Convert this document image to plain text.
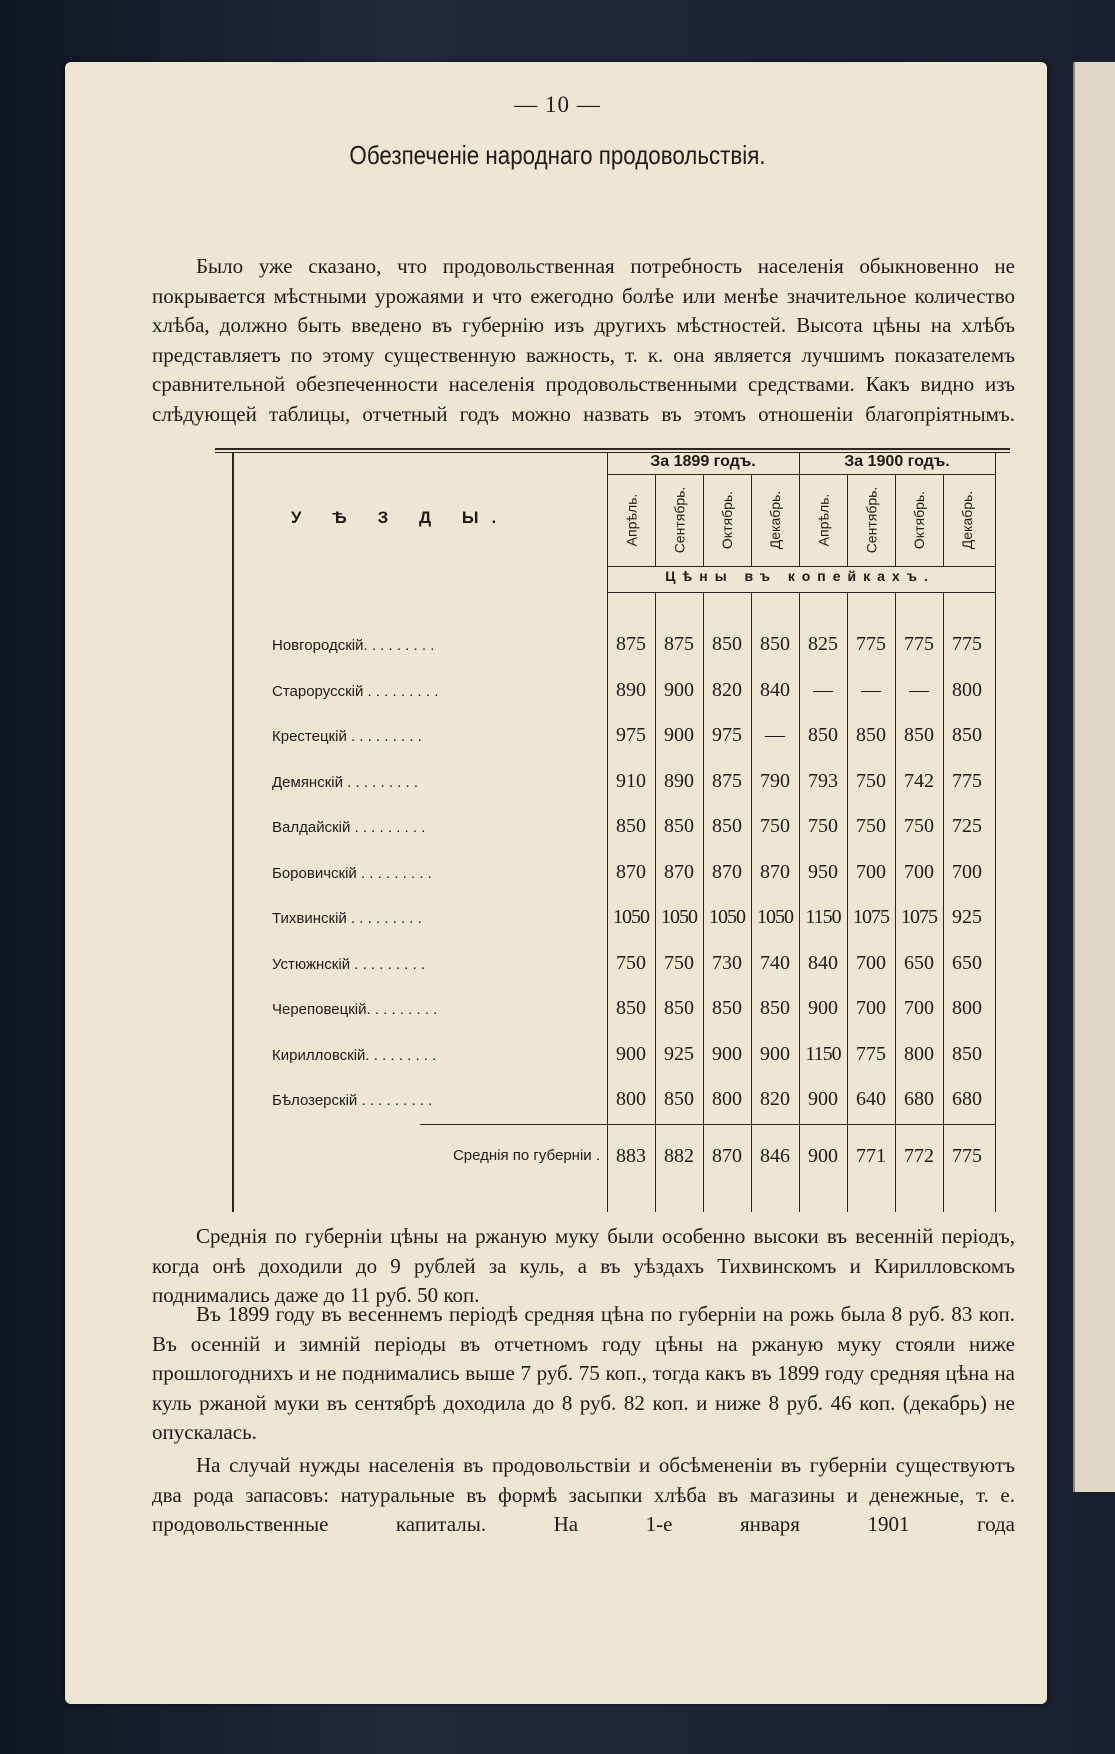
— 10 —
Обезпеченіе народнаго продовольствія.

Было уже сказано, что продовольственная потребность населенія обыкновенно не покрывается мѣстными урожаями и что ежегодно болѣе или менѣе значительное количество хлѣба, должно быть введено въ губернію изъ другихъ мѣстностей. Высота цѣны на хлѣбъ представляетъ по этому существенную важность, т. к. она является лучшимъ показателемъ сравнительной обезпеченности населенія продовольственными средствами. Какъ видно изъ слѣдующей таблицы, отчетный годъ можно назвать въ этомъ отношеніи благопріятнымъ.

У Ѣ З Д Ы.
За 1899 годъ.	За 1900 годъ.
Апрѣль. Сентябрь. Октябрь. Декабрь. Апрѣль. Сентябрь. Октябрь. Декабрь.
Цѣны въ копейкахъ.
Новгородскій. . . . . . . . .	875 875 850 850 825 775 775 775
Старорусскій . . . . . . . . .	890 900 820 840	—	—	—	800
Крестецкій . . . . . . . . .	975 900 975	—	850 850 850 850
Демянскій . . . . . . . . .	910 890 875 790 793 750 742 775
Валдайскій . . . . . . . . .	850 850 850 750 750 750 750 725
Боровичскій . . . . . . . . .	870 870 870 870 950 700 700 700
Тихвинскій . . . . . . . . .	1050 1050 1050 1050 1150 1075 1075 925
Устюжнскій . . . . . . . . .	750 750 730 740 840 700 650 650
Череповецкій. . . . . . . . .	850 850 850 850 900 700 700 800
Кирилловскій. . . . . . . . .	900 925 900 900 1150 775 800 850
Бѣлозерскій . . . . . . . . .	800 850 800 820 900 640 680 680
Среднія по губерніи . 883 882 870 846 900 771 772 775

Среднія по губерніи цѣны на ржаную муку были особенно высоки въ весенній періодъ, когда онѣ доходили до 9 рублей за куль, а въ уѣздахъ Тихвинскомъ и Кирилловскомъ поднимались даже до 11 руб. 50 коп.

Въ 1899 году въ весеннемъ періодѣ средняя цѣна по губерніи на рожь была 8 руб. 83 коп. Въ осенній и зимній періоды въ отчетномъ году цѣны на ржаную муку стояли ниже прошлогоднихъ и не поднимались выше 7 руб. 75 коп., тогда какъ въ 1899 году средняя цѣна на куль ржаной муки въ сентябрѣ доходила до 8 руб. 82 коп. и ниже 8 руб. 46 коп. (декабрь) не опускалась.

На случай нужды населенія въ продовольствіи и обсѣмененіи въ губерніи существуютъ два рода запасовъ: натуральные въ формѣ засыпки хлѣба въ магазины и денежные, т. е. продовольственные капиталы. На 1-е января 1901 года
